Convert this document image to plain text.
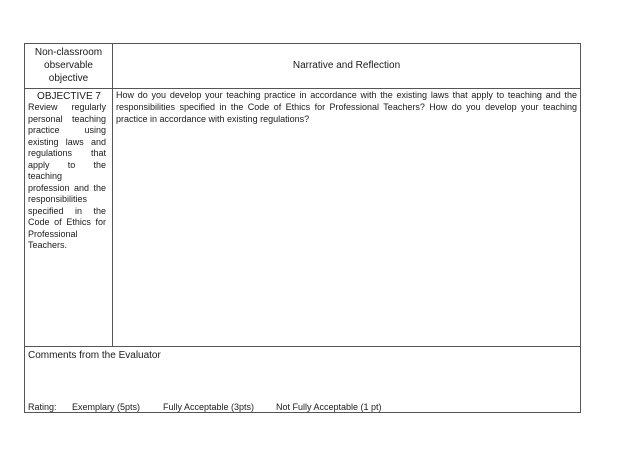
Non-classroom observable objective
Narrative and Reflection
OBJECTIVE 7
Review regularly personal teaching practice using existing laws and regulations that apply to the teaching profession and the responsibilities specified in the Code of Ethics for Professional Teachers.
How do you develop your teaching practice in accordance with the existing laws that apply to teaching and the responsibilities specified in the Code of Ethics for Professional Teachers? How do you develop your teaching practice in accordance with existing regulations?
Comments from the Evaluator
Rating: Exemplary (5pts)	Fully Acceptable (3pts) Not Fully Acceptable (1 pt)
